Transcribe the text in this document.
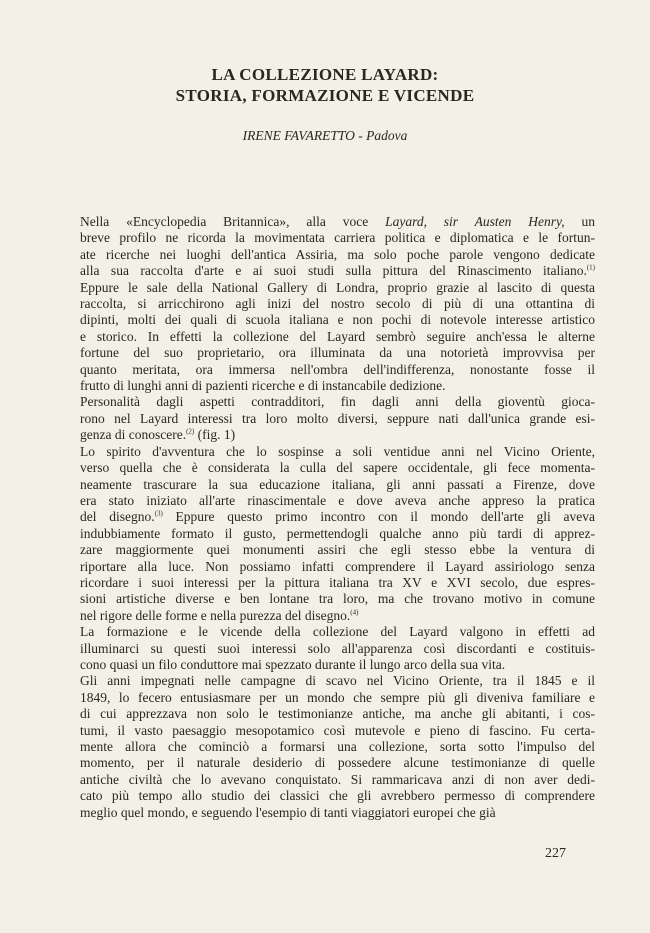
LA COLLEZIONE LAYARD:
STORIA, FORMAZIONE E VICENDE
IRENE FAVARETTO - Padova

Nella «Encyclopedia Britannica», alla voce Layard, sir Austen Henry, un
breve profilo ne ricorda la movimentata carriera politica e diplomatica e le fortun-
ate ricerche nei luoghi dell'antica Assiria, ma solo poche parole vengono dedicate
alla sua raccolta d'arte e ai suoi studi sulla pittura del Rinascimento italiano.$^{(1)}$
Eppure le sale della National Gallery di Londra, proprio grazie al lascito di questa
raccolta, si arricchirono agli inizi del nostro secolo di più di una ottantina di
dipinti, molti dei quali di scuola italiana e non pochi di notevole interesse artistico
e storico. In effetti la collezione del Layard sembrò seguire anch'essa le alterne
fortune del suo proprietario, ora illuminata da una notorietà improvvisa per
quanto meritata, ora immersa nell'ombra dell'indifferenza, nonostante fosse il
frutto di lunghi anni di pazienti ricerche e di instancabile dedizione.

Personalità dagli aspetti contradditori, fin dagli anni della gioventù gioca-
rono nel Layard interessi tra loro molto diversi, seppure nati dall'unica grande esi-
genza di conoscere.$^{(2)}$ (fig. 1)

Lo spirito d'avventura che lo sospinse a soli ventidue anni nel Vicino Oriente,
verso quella che è considerata la culla del sapere occidentale, gli fece momenta-
neamente trascurare la sua educazione italiana, gli anni passati a Firenze, dove
era stato iniziato all'arte rinascimentale e dove aveva anche appreso la pratica
del disegno.$^{(3)}$ Eppure questo primo incontro con il mondo dell'arte gli aveva
indubbiamente formato il gusto, permettendogli qualche anno più tardi di apprez-
zare maggiormente quei monumenti assiri che egli stesso ebbe la ventura di
riportare alla luce. Non possiamo infatti comprendere il Layard assiriologo senza
ricordare i suoi interessi per la pittura italiana tra XV e XVI secolo, due espres-
sioni artistiche diverse e ben lontane tra loro, ma che trovano motivo in comune
nel rigore delle forme e nella purezza del disegno.$^{(4)}$

La formazione e le vicende della collezione del Layard valgono in effetti ad
illuminarci su questi suoi interessi solo all'apparenza così discordanti e costituis-
cono quasi un filo conduttore mai spezzato durante il lungo arco della sua vita.

Gli anni impegnati nelle campagne di scavo nel Vicino Oriente, tra il 1845 e il
1849, lo fecero entusiasmare per un mondo che sempre più gli diveniva familiare e
di cui apprezzava non solo le testimonianze antiche, ma anche gli abitanti, i cos-
tumi, il vasto paesaggio mesopotamico così mutevole e pieno di fascino. Fu certa-
mente allora che cominciò a formarsi una collezione, sorta sotto l'impulso del
momento, per il naturale desiderio di possedere alcune testimonianze di quelle
antiche civiltà che lo avevano conquistato. Si rammaricava anzi di non aver dedi-
cato più tempo allo studio dei classici che gli avrebbero permesso di comprendere
meglio quel mondo, e seguendo l'esempio di tanti viaggiatori europei che già

227
